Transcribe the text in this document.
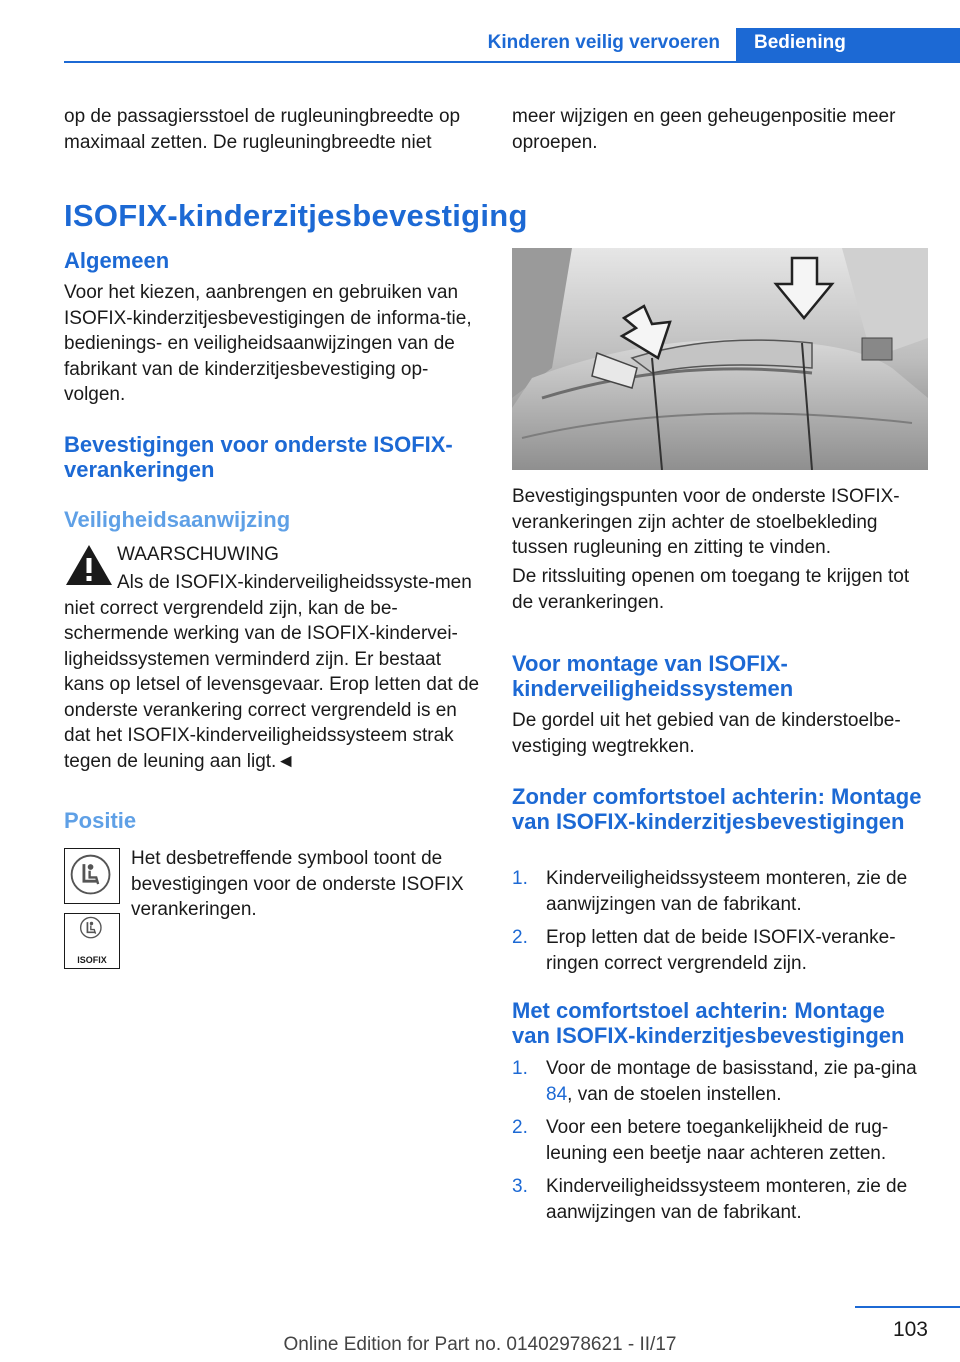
Kinderen veilig vervoeren	Bediening
op de passagiersstoel de rugleuningbreedte op maximaal zetten. De rugleuningbreedte niet
meer wijzigen en geen geheugenpositie meer oproepen.
ISOFIX-kinderzitjesbevestiging
Algemeen
Voor het kiezen, aanbrengen en gebruiken van ISOFIX-kinderzitjesbevestigingen de informa-tie, bedienings- en veiligheidsaanwijzingen van de fabrikant van de kinderzitjesbevestiging op-volgen.
Bevestigingen voor onderste ISOFIX-verankeringen
Veiligheidsaanwijzing
WAARSCHUWING
Als de ISOFIX-kinderveiligheidssyste-men niet correct vergrendeld zijn, kan de be-schermende werking van de ISOFIX-kindervei-ligheidssystemen verminderd zijn. Er bestaat kans op letsel of levensgevaar. Erop letten dat de onderste verankering correct vergrendeld is en dat het ISOFIX-kinderveiligheidssysteem strak tegen de leuning aan ligt.◄
Positie
ISOFIX
Het desbetreffende symbool toont de bevestigingen voor de onderste ISOFIX verankeringen.
Bevestigingspunten voor de onderste ISOFIX-verankeringen zijn achter de stoelbekleding tussen rugleuning en zitting te vinden.
De ritssluiting openen om toegang te krijgen tot de verankeringen.
Voor montage van ISOFIX-kinderveiligheidssystemen
De gordel uit het gebied van de kinderstoelbe-vestiging wegtrekken.
Zonder comfortstoel achterin: Montage van ISOFIX-kinderzitjesbevestigingen
1. Kinderveiligheidssysteem monteren, zie de aanwijzingen van de fabrikant.
2. Erop letten dat de beide ISOFIX-veranke-ringen correct vergrendeld zijn.
Met comfortstoel achterin: Montage van ISOFIX-kinderzitjesbevestigingen
1. Voor de montage de basisstand, zie pa-gina 84, van de stoelen instellen.
2. Voor een betere toegankelijkheid de rug-leuning een beetje naar achteren zetten.
3. Kinderveiligheidssysteem monteren, zie de aanwijzingen van de fabrikant.
103
Online Edition for Part no. 01402978621 - II/17
